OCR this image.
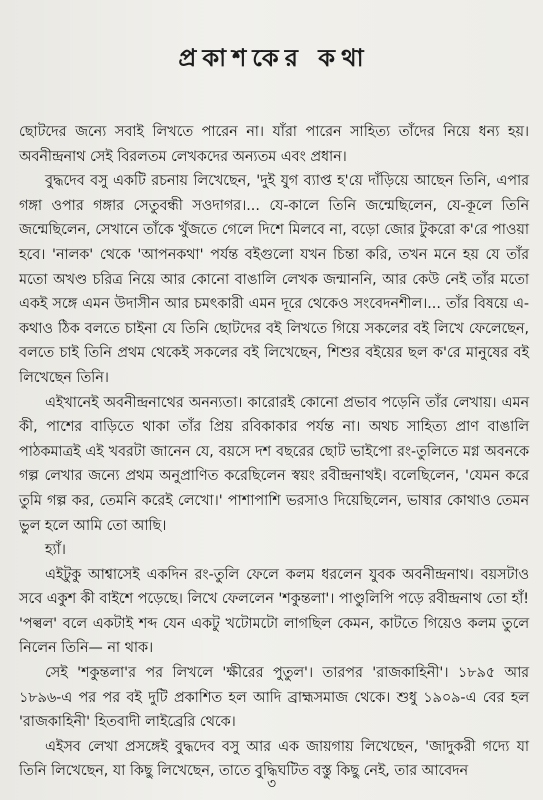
প্রকাশকের কথা

ছোটদের জন্যে সবাই লিখতে পারেন না। যাঁরা পারেন সাহিত্য তাঁদের নিয়ে ধন্য হয়। অবনীন্দ্রনাথ সেই বিরলতম লেখকদের অন্যতম এবং প্রধান।

বুদ্ধদেব বসু একটি রচনায় লিখেছেন, 'দুই যুগ ব্যাপ্ত হ'য়ে দাঁড়িয়ে আছেন তিনি, এপার গঙ্গা ওপার গঙ্গার সেতুবন্ধী সওদাগর।... যে-কালে তিনি জন্মেছিলেন, যে-কূলে তিনি জন্মেছিলেন, সেখানে তাঁকে খুঁজতে গেলে দিশে মিলবে না, বড়ো জোর টুকরো ক'রে পাওয়া হবে। 'নালক' থেকে 'আপনকথা' পর্যন্ত বইগুলো যখন চিন্তা করি, তখন মনে হয় যে তাঁর মতো অখণ্ড চরিত্র নিয়ে আর কোনো বাঙালি লেখক জন্মাননি, আর কেউ নেই তাঁর মতো একই সঙ্গে এমন উদাসীন আর চমৎকারী এমন দূরে থেকেও সংবেদনশীল।... তাঁর বিষয়ে এ-কথাও ঠিক বলতে চাইনা যে তিনি ছোটদের বই লিখতে গিয়ে সকলের বই লিখে ফেলেছেন, বলতে চাই তিনি প্রথম থেকেই সকলের বই লিখেছেন, শিশুর বইয়ের ছল ক'রে মানুষের বই লিখেছেন তিনি।

এইখানেই অবনীন্দ্রনাথের অনন্যতা। কারোরই কোনো প্রভাব পড়েনি তাঁর লেখায়। এমন কী, পাশের বাড়িতে থাকা তাঁর প্রিয় রবিকাকার পর্যন্ত না। অথচ সাহিত্য প্রাণ বাঙালি পাঠকমাত্রই এই খবরটা জানেন যে, বয়সে দশ বছরের ছোট ভাইপো রং-তুলিতে মগ্ন অবনকে গল্প লেখার জন্যে প্রথম অনুপ্রাণিত করেছিলেন স্বয়ং রবীন্দ্রনাথই। বলেছিলেন, 'যেমন করে তুমি গল্প কর, তেমনি করেই লেখো।' পাশাপাশি ভরসাও দিয়েছিলেন, ভাষার কোথাও তেমন ভুল হলে আমি তো আছি।

হ্যাঁ।

এইটুকু আশ্বাসেই একদিন রং-তুলি ফেলে কলম ধরলেন যুবক অবনীন্দ্রনাথ। বয়সটাও সবে একুশ কী বাইশে পড়েছে। লিখে ফেললেন 'শকুন্তলা'। পাণ্ডুলিপি পড়ে রবীন্দ্রনাথ তো হাঁ! 'পল্বল' বলে একটাই শব্দ যেন একটু খটোমটো লাগছিল কেমন, কাটতে গিয়েও কলম তুলে নিলেন তিনি— না থাক।

সেই 'শকুন্তলা'র পর লিখলে 'ক্ষীরের পুতুল'। তারপর 'রাজকাহিনী'। ১৮৯৫ আর ১৮৯৬-এ পর পর বই দুটি প্রকাশিত হল আদি ব্রাহ্মসমাজ থেকে। শুধু ১৯০৯-এ বের হল 'রাজকাহিনী' হিতবাদী লাইব্রেরি থেকে।

এইসব লেখা প্রসঙ্গেই বুদ্ধদেব বসু আর এক জায়গায় লিখেছেন, 'জাদুকরী গদ্যে যা তিনি লিখেছেন, যা কিছু লিখেছেন, তাতে বুদ্ধিঘটিত বস্তু কিছু নেই, তার আবেদন

৩
